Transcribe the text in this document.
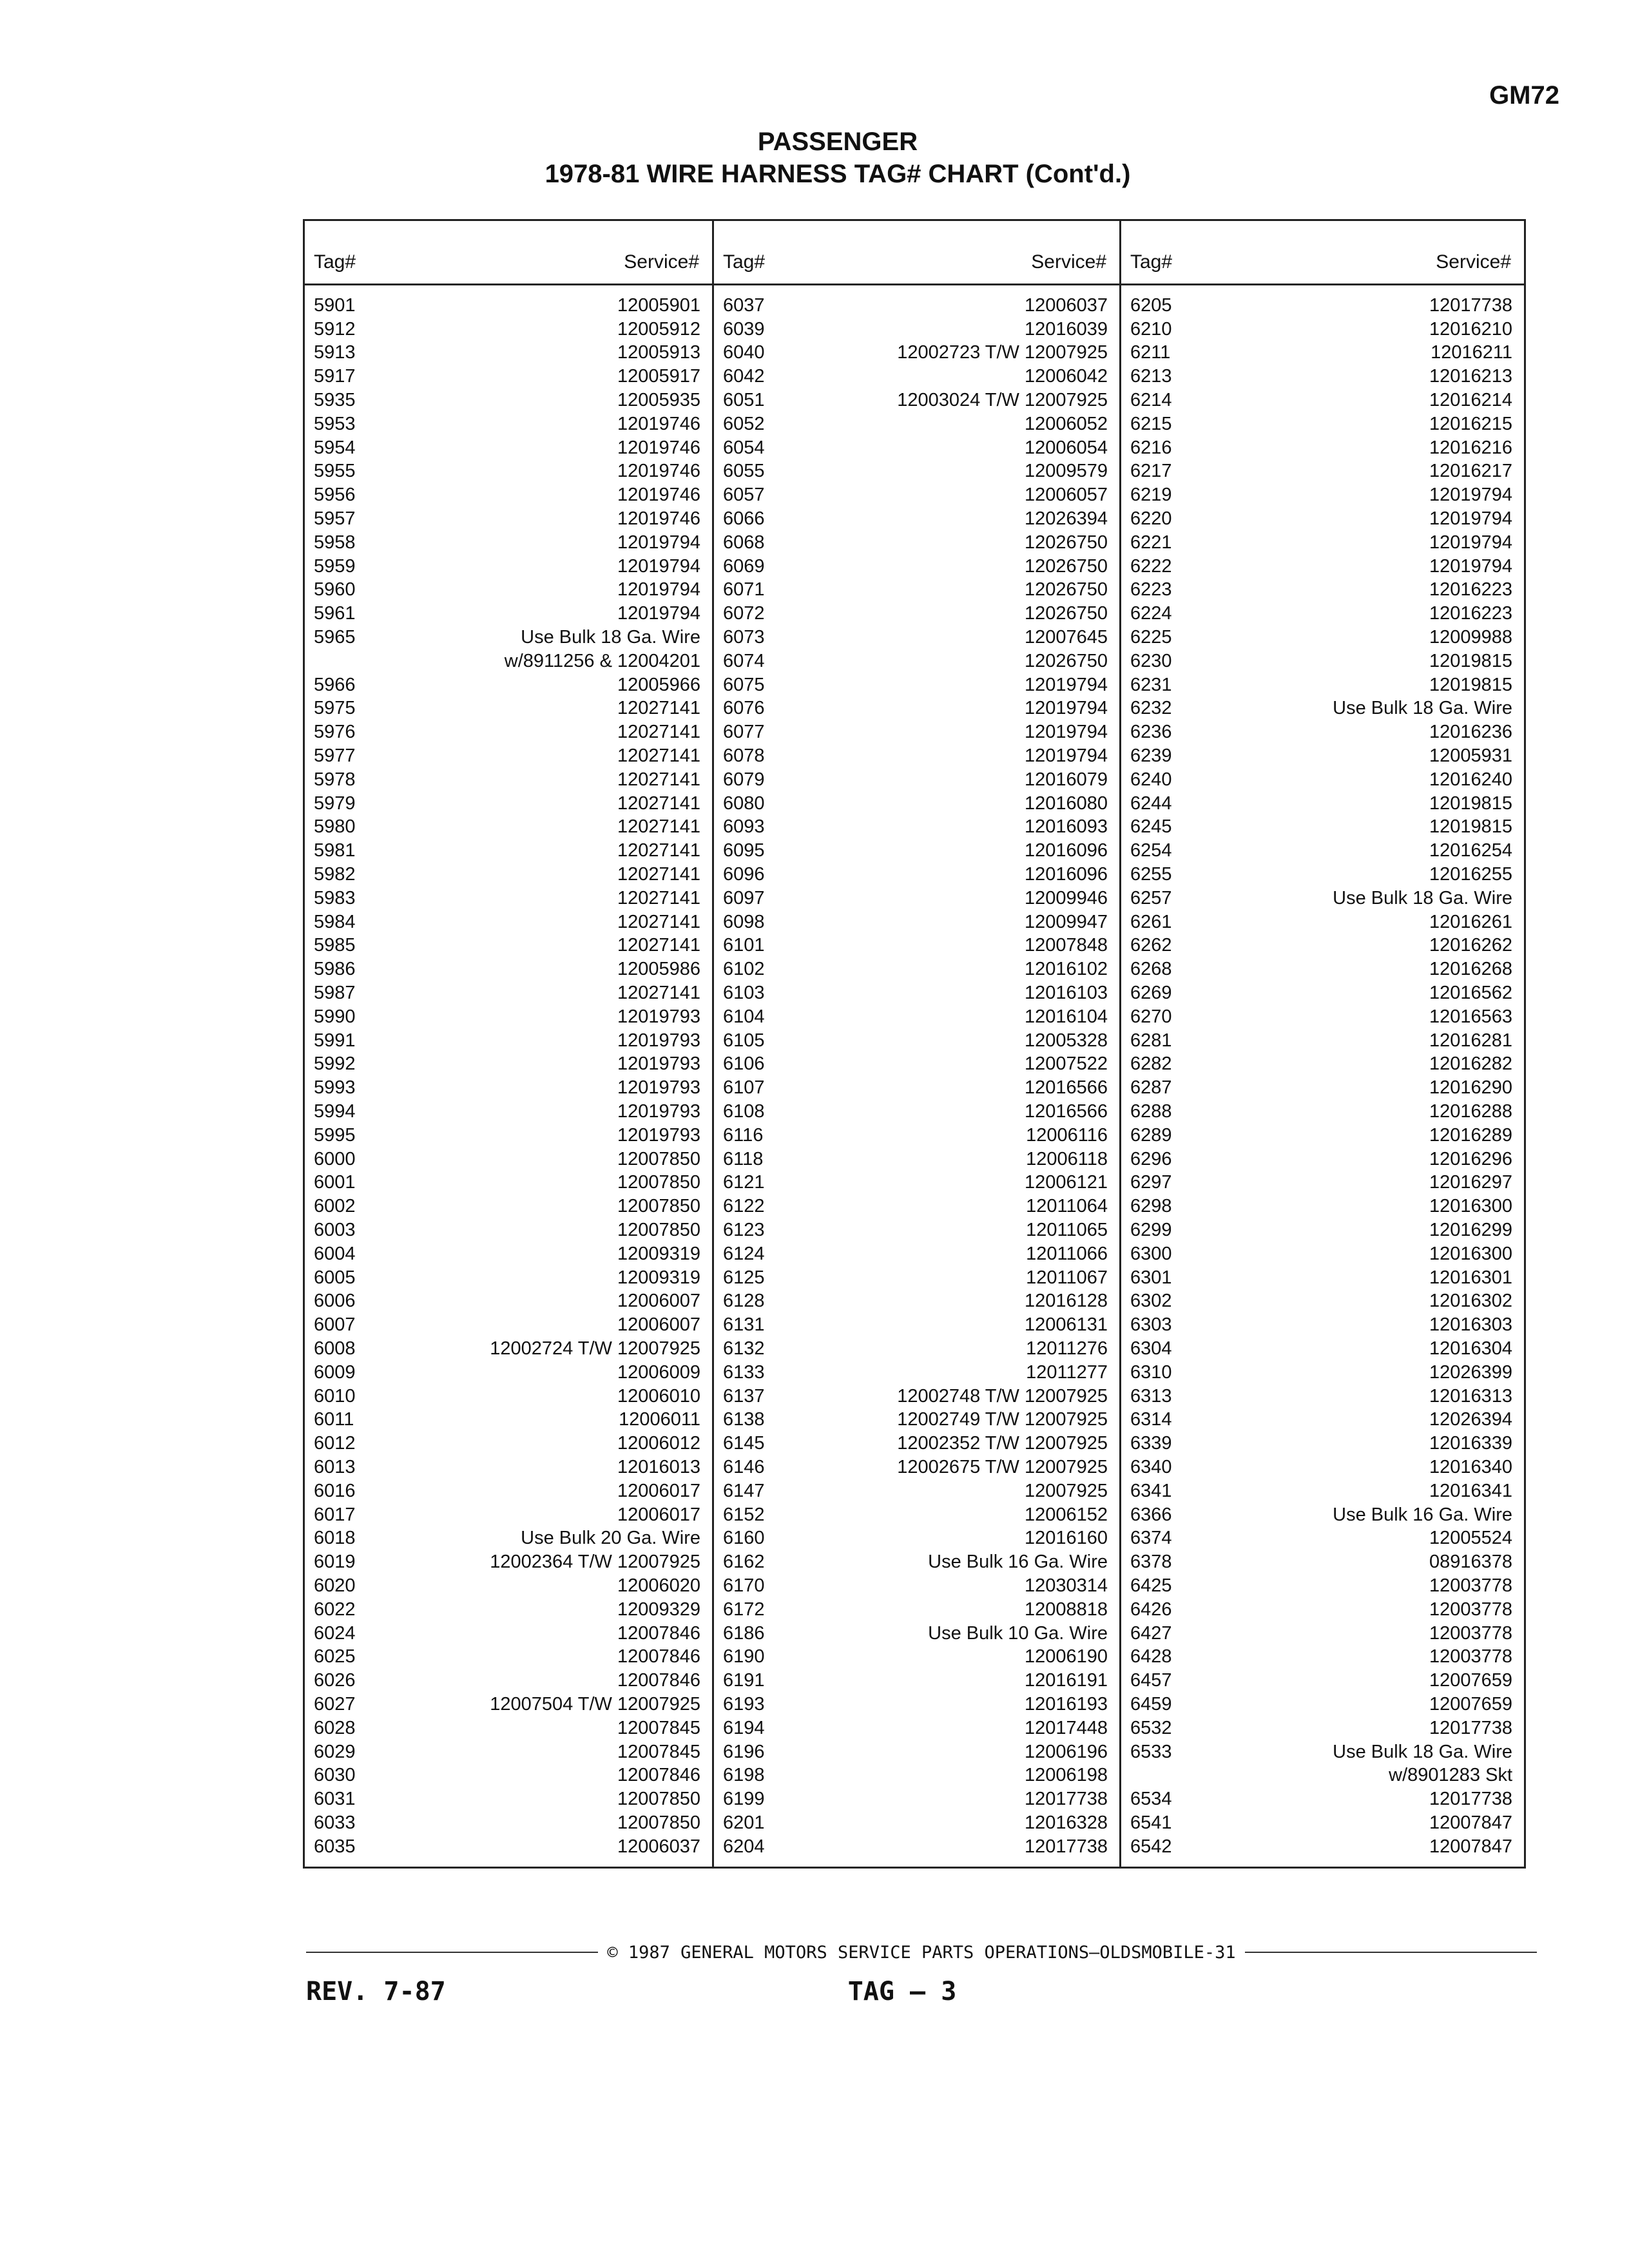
GM72
PASSENGER
1978-81 WIRE HARNESS TAG# CHART (Cont'd.)
Tag#	Service#
5901	12005901
5912	12005912
5913	12005913
5917	12005917
5935	12005935
5953	12019746
5954	12019746
5955	12019746
5956	12019746
5957	12019746
5958	12019794
5959	12019794
5960	12019794
5961	12019794
5965	Use Bulk 18 Ga. Wire
w/8911256 & 12004201
5966	12005966
5975	12027141
5976	12027141
5977	12027141
5978	12027141
5979	12027141
5980	12027141
5981	12027141
5982	12027141
5983	12027141
5984	12027141
5985	12027141
5986	12005986
5987	12027141
5990	12019793
5991	12019793
5992	12019793
5993	12019793
5994	12019793
5995	12019793
6000	12007850
6001	12007850
6002	12007850
6003	12007850
6004	12009319
6005	12009319
6006	12006007
6007	12006007
6008	12002724 T/W 12007925
6009	12006009
6010	12006010
6011	12006011
6012	12006012
6013	12016013
6016	12006017
6017	12006017
6018	Use Bulk 20 Ga. Wire
6019	12002364 T/W 12007925
6020	12006020
6022	12009329
6024	12007846
6025	12007846
6026	12007846
6027	12007504 T/W 12007925
6028	12007845
6029	12007845
6030	12007846
6031	12007850
6033	12007850
6035	12006037
Tag#	Service#
6037	12006037
6039	12016039
6040	12002723 T/W 12007925
6042	12006042
6051	12003024 T/W 12007925
6052	12006052
6054	12006054
6055	12009579
6057	12006057
6066	12026394
6068	12026750
6069	12026750
6071	12026750
6072	12026750
6073	12007645
6074	12026750
6075	12019794
6076	12019794
6077	12019794
6078	12019794
6079	12016079
6080	12016080
6093	12016093
6095	12016096
6096	12016096
6097	12009946
6098	12009947
6101	12007848
6102	12016102
6103	12016103
6104	12016104
6105	12005328
6106	12007522
6107	12016566
6108	12016566
6116	12006116
6118	12006118
6121	12006121
6122	12011064
6123	12011065
6124	12011066
6125	12011067
6128	12016128
6131	12006131
6132	12011276
6133	12011277
6137	12002748 T/W 12007925
6138	12002749 T/W 12007925
6145	12002352 T/W 12007925
6146	12002675 T/W 12007925
6147	12007925
6152	12006152
6160	12016160
6162	Use Bulk 16 Ga. Wire
6170	12030314
6172	12008818
6186	Use Bulk 10 Ga. Wire
6190	12006190
6191	12016191
6193	12016193
6194	12017448
6196	12006196
6198	12006198
6199	12017738
6201	12016328
6204	12017738
Tag#	Service#
6205	12017738
6210	12016210
6211	12016211
6213	12016213
6214	12016214
6215	12016215
6216	12016216
6217	12016217
6219	12019794
6220	12019794
6221	12019794
6222	12019794
6223	12016223
6224	12016223
6225	12009988
6230	12019815
6231	12019815
6232	Use Bulk 18 Ga. Wire
6236	12016236
6239	12005931
6240	12016240
6244	12019815
6245	12019815
6254	12016254
6255	12016255
6257	Use Bulk 18 Ga. Wire
6261	12016261
6262	12016262
6268	12016268
6269	12016562
6270	12016563
6281	12016281
6282	12016282
6287	12016290
6288	12016288
6289	12016289
6296	12016296
6297	12016297
6298	12016300
6299	12016299
6300	12016300
6301	12016301
6302	12016302
6303	12016303
6304	12016304
6310	12026399
6313	12016313
6314	12026394
6339	12016339
6340	12016340
6341	12016341
6366	Use Bulk 16 Ga. Wire
6374	12005524
6378	08916378
6425	12003778
6426	12003778
6427	12003778
6428	12003778
6457	12007659
6459	12007659
6532	12017738
6533	Use Bulk 18 Ga. Wire
w/8901283 Skt
6534	12017738
6541	12007847
6542	12007847
© 1987 GENERAL MOTORS SERVICE PARTS OPERATIONS—OLDSMOBILE-31
REV. 7-87	TAG — 3
